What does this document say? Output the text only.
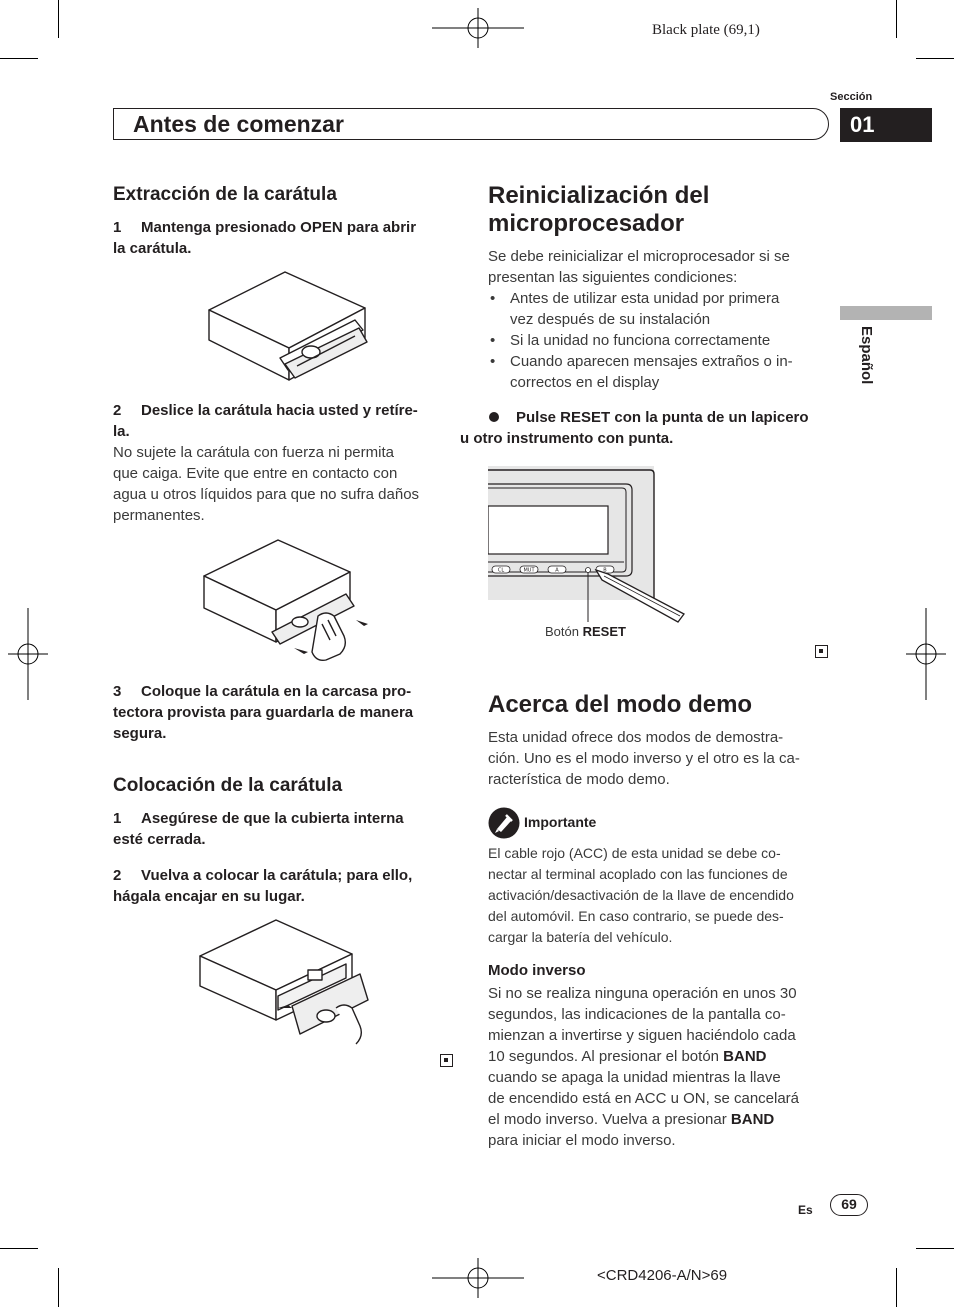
Black plate (69,1)
Sección
Antes de comenzar	01
Español
Extracción de la carátula

1 Mantenga presionado OPEN para abrir
la carátula.

2 Deslice la carátula hacia usted y retíre-
la.

No sujete la carátula con fuerza ni permita
que caiga. Evite que entre en contacto con
agua u otros líquidos para que no sufra daños
permanentes.

3 Coloque la carátula en la carcasa pro-
tectora provista para guardarla de manera
segura.

Colocación de la carátula

1 Asegúrese de que la cubierta interna
esté cerrada.

2 Vuelva a colocar la carátula; para ello,
hágala encajar en su lugar.

Reinicialización del
microprocesador

Se debe reinicializar el microprocesador si se
presentan las siguientes condiciones:

• Antes de utilizar esta unidad por primera
vez después de su instalación

• Si la unidad no funciona correctamente

• Cuando aparecen mensajes extraños o in-
correctos en el display

Pulse RESET con la punta de un lapicero
u otro instrumento con punta.

CL	MUT	A	B
Botón RESET
Acerca del modo demo

Esta unidad ofrece dos modos de demostra-
ción. Uno es el modo inverso y el otro es la ca-
racterística de modo demo.

Importante

El cable rojo (ACC) de esta unidad se debe co-
nectar al terminal acoplado con las funciones de
activación/desactivación de la llave de encendido
del automóvil. En caso contrario, se puede des-
cargar la batería del vehículo.

Modo inverso

Si no se realiza ninguna operación en unos 30
segundos, las indicaciones de la pantalla co-
mienzan a invertirse y siguen haciéndolo cada
10 segundos. Al presionar el botón BAND
cuando se apaga la unidad mientras la llave
de encendido está en ACC u ON, se cancelará
el modo inverso. Vuelva a presionar BAND
para iniciar el modo inverso.

Es	69
<CRD4206-A/N>69
